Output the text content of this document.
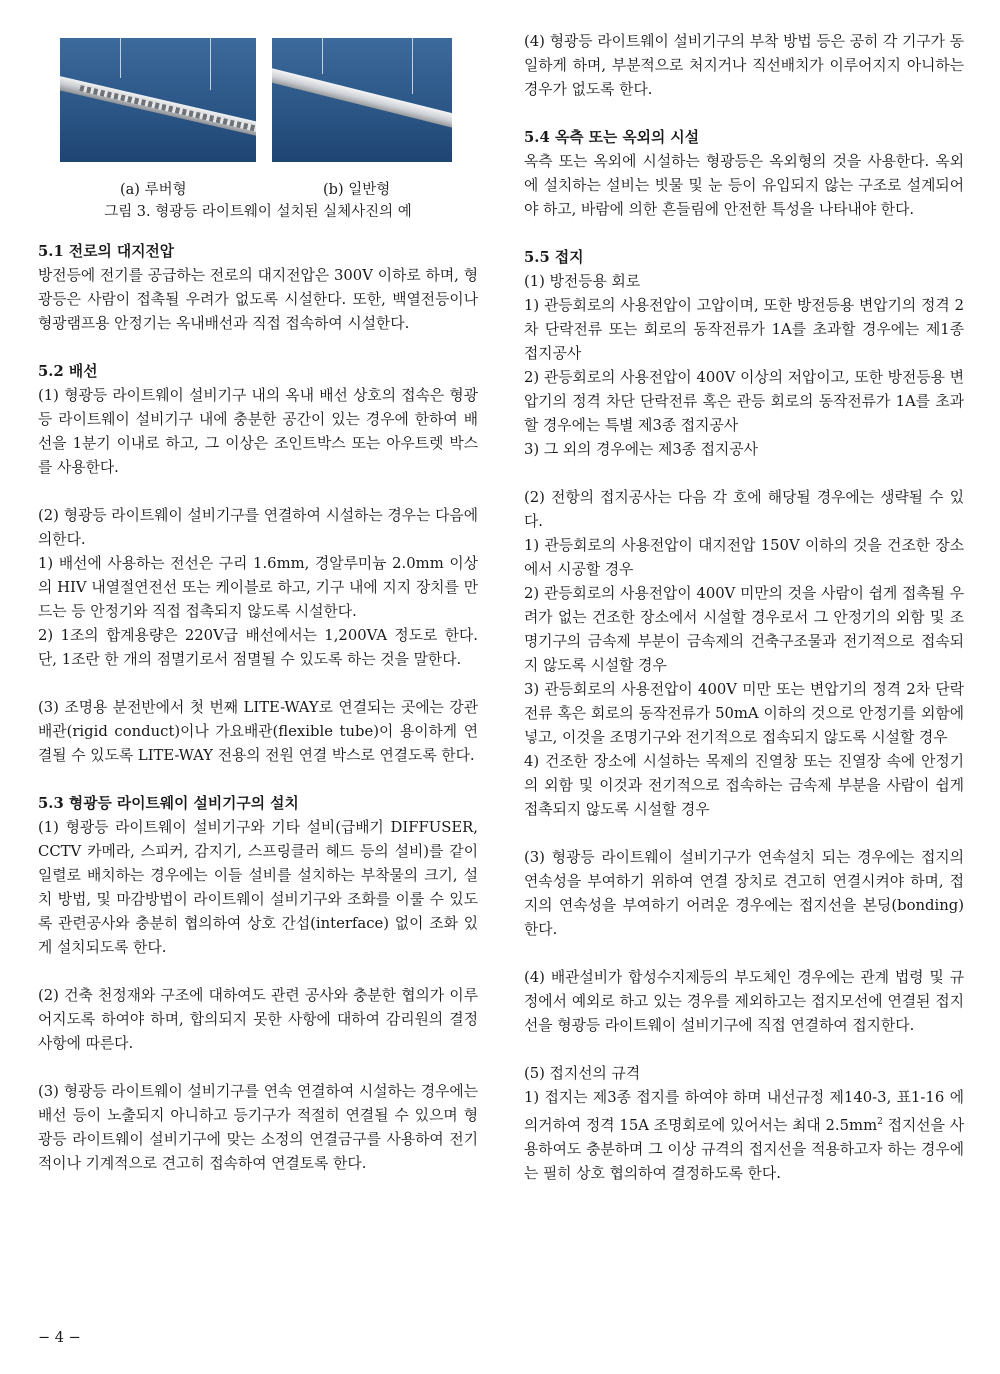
(a) 루버형	(b) 일반형
그림 3. 형광등 라이트웨이 설치된 실체사진의 예
5.1 전로의 대지전압

방전등에 전기를 공급하는 전로의 대지전압은 300V 이하로 하며, 형광등은 사람이 접촉될 우려가 없도록 시설한다. 또한, 백열전등이나 형광램프용 안정기는 옥내배선과 직접 접속하여 시설한다.

5.2 배선

(1) 형광등 라이트웨이 설비기구 내의 옥내 배선 상호의 접속은 형광등 라이트웨이 설비기구 내에 충분한 공간이 있는 경우에 한하여 배선을 1분기 이내로 하고, 그 이상은 조인트박스 또는 아우트렛 박스를 사용한다.

(2) 형광등 라이트웨이 설비기구를 연결하여 시설하는 경우는 다음에 의한다.

1) 배선에 사용하는 전선은 구리 1.6mm, 경알루미늄 2.0mm 이상의 HIV 내열절연전선 또는 케이블로 하고, 기구 내에 지지 장치를 만드는 등 안정기와 직접 접촉되지 않도록 시설한다.

2) 1조의 합계용량은 220V급 배선에서는 1,200VA 정도로 한다. 단, 1조란 한 개의 점멸기로서 점멸될 수 있도록 하는 것을 말한다.

(3) 조명용 분전반에서 첫 번째 LITE-WAY로 연결되는 곳에는 강관배관(rigid conduct)이나 가요배관(flexible tube)이 용이하게 연결될 수 있도록 LITE-WAY 전용의 전원 연결 박스로 연결도록 한다.

5.3 형광등 라이트웨이 설비기구의 설치

(1) 형광등 라이트웨이 설비기구와 기타 설비(급배기 DIFFUSER, CCTV 카메라, 스피커, 감지기, 스프링클러 헤드 등의 설비)를 같이 일렬로 배치하는 경우에는 이들 설비를 설치하는 부착물의 크기, 설치 방법, 및 마감방법이 라이트웨이 설비기구와 조화를 이룰 수 있도록 관련공사와 충분히 협의하여 상호 간섭(interface) 없이 조화 있게 설치되도록 한다.

(2) 건축 천정재와 구조에 대하여도 관련 공사와 충분한 협의가 이루어지도록 하여야 하며, 합의되지 못한 사항에 대하여 감리원의 결정사항에 따른다.

(3) 형광등 라이트웨이 설비기구를 연속 연결하여 시설하는 경우에는 배선 등이 노출되지 아니하고 등기구가 적절히 연결될 수 있으며 형광등 라이트웨이 설비기구에 맞는 소정의 연결금구를 사용하여 전기적이나 기계적으로 견고히 접속하여 연결토록 한다.

(4) 형광등 라이트웨이 설비기구의 부착 방법 등은 공히 각 기구가 동일하게 하며, 부분적으로 처지거나 직선배치가 이루어지지 아니하는 경우가 없도록 한다.

5.4 옥측 또는 옥외의 시설

옥측 또는 옥외에 시설하는 형광등은 옥외형의 것을 사용한다. 옥외에 설치하는 설비는 빗물 및 눈 등이 유입되지 않는 구조로 설계되어야 하고, 바람에 의한 흔들림에 안전한 특성을 나타내야 한다.

5.5 접지

(1) 방전등용 회로

1) 관등회로의 사용전압이 고압이며, 또한 방전등용 변압기의 정격 2차 단락전류 또는 회로의 동작전류가 1A를 초과할 경우에는 제1종 접지공사

2) 관등회로의 사용전압이 400V 이상의 저압이고, 또한 방전등용 변압기의 정격 차단 단락전류 혹은 관등 회로의 동작전류가 1A를 초과할 경우에는 특별 제3종 접지공사

3) 그 외의 경우에는 제3종 접지공사

(2) 전항의 접지공사는 다음 각 호에 해당될 경우에는 생략될 수 있다.

1) 관등회로의 사용전압이 대지전압 150V 이하의 것을 건조한 장소에서 시공할 경우

2) 관등회로의 사용전압이 400V 미만의 것을 사람이 쉽게 접촉될 우려가 없는 건조한 장소에서 시설할 경우로서 그 안정기의 외함 및 조명기구의 금속제 부분이 금속제의 건축구조물과 전기적으로 접속되지 않도록 시설할 경우

3) 관등회로의 사용전압이 400V 미만 또는 변압기의 정격 2차 단락전류 혹은 회로의 동작전류가 50mA 이하의 것으로 안정기를 외함에 넣고, 이것을 조명기구와 전기적으로 접속되지 않도록 시설할 경우

4) 건조한 장소에 시설하는 목제의 진열창 또는 진열장 속에 안정기의 외함 및 이것과 전기적으로 접속하는 금속제 부분을 사람이 쉽게 접촉되지 않도록 시설할 경우

(3) 형광등 라이트웨이 설비기구가 연속설치 되는 경우에는 접지의 연속성을 부여하기 위하여 연결 장치로 견고히 연결시켜야 하며, 접지의 연속성을 부여하기 어려운 경우에는 접지선을 본딩(bonding)한다.

(4) 배관설비가 합성수지제등의 부도체인 경우에는 관계 법령 및 규정에서 예외로 하고 있는 경우를 제외하고는 접지모선에 연결된 접지선을 형광등 라이트웨이 설비기구에 직접 연결하여 접지한다.

(5) 접지선의 규격

1) 접지는 제3종 접지를 하여야 하며 내선규정 제140-3, 표1-16 에 의거하여 정격 15A 조명회로에 있어서는 최대 $2.5mm^2$ 접지선을 사용하여도 충분하며 그 이상 규격의 접지선을 적용하고자 하는 경우에는 필히 상호 협의하여 결정하도록 한다.

− 4 −
